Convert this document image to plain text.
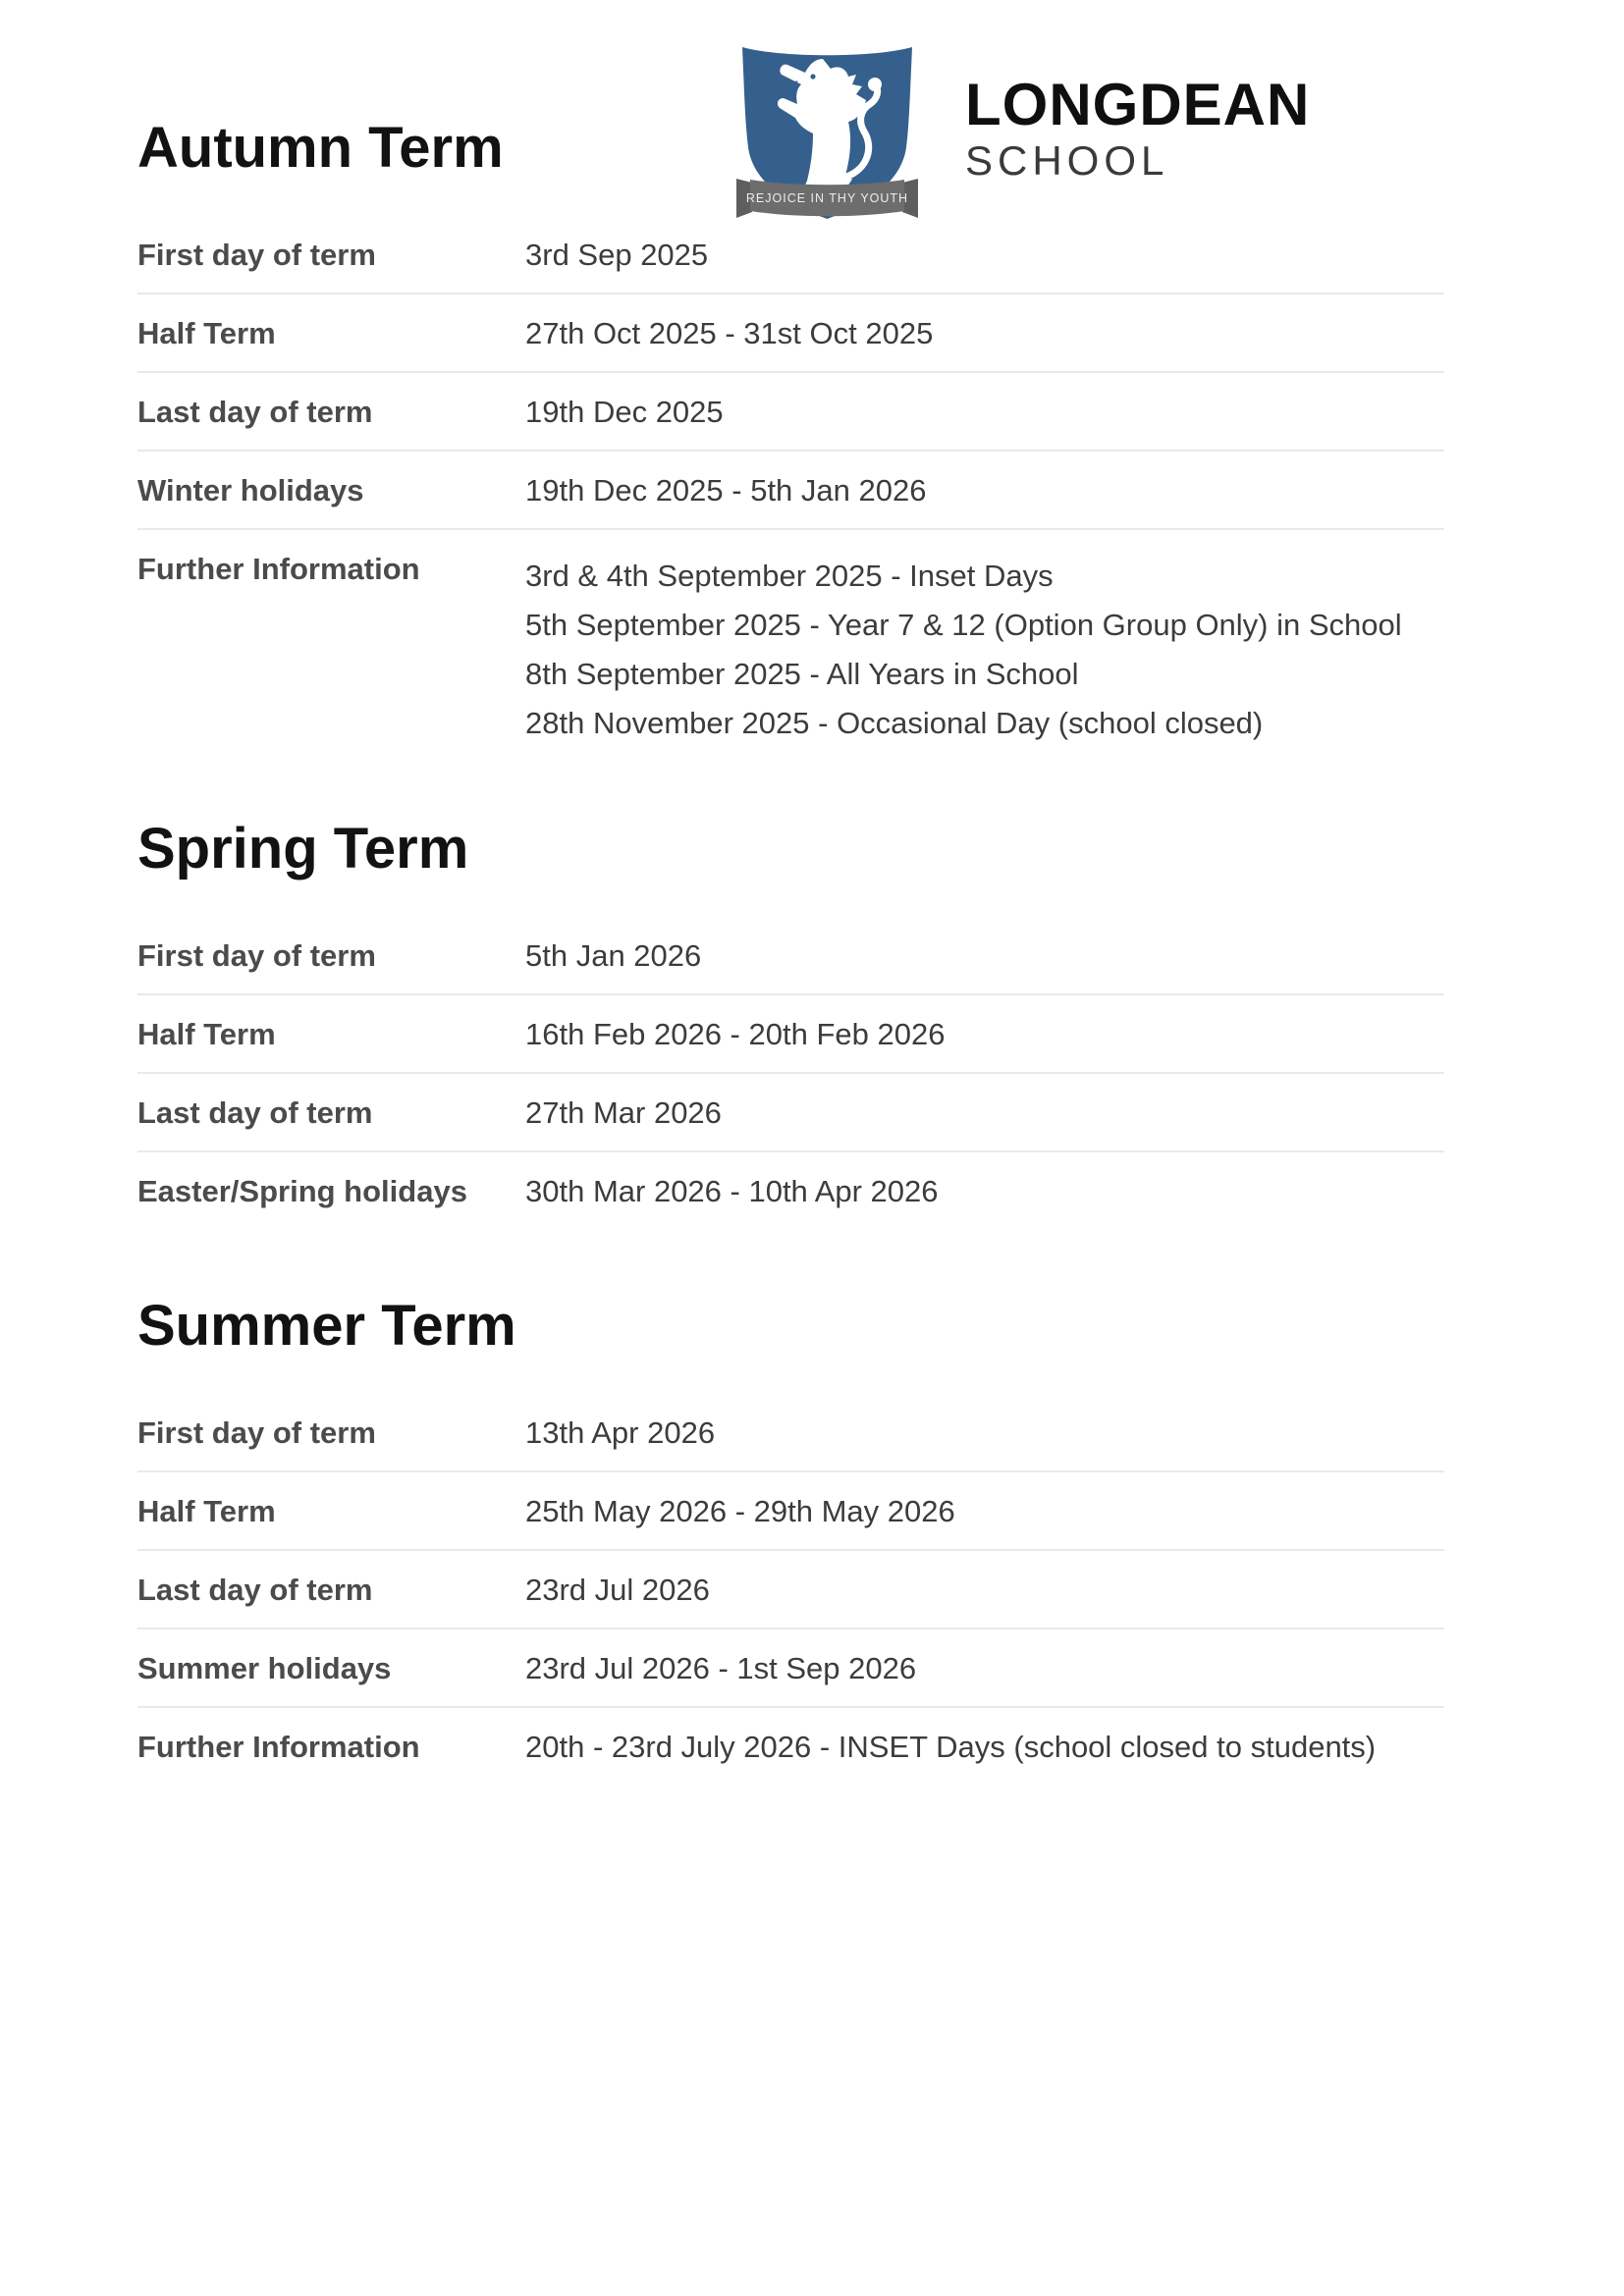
REJOICE IN THY YOUTH
LONGDEAN
SCHOOL
Autumn Term
First day of term	3rd Sep 2025
Half Term	27th Oct 2025 - 31st Oct 2025
Last day of term	19th Dec 2025
Winter holidays	19th Dec 2025 - 5th Jan 2026
Further Information	3rd & 4th September 2025 - Inset Days
5th September 2025 - Year 7 & 12 (Option Group Only) in School
8th September 2025 - All Years in School
28th November 2025 - Occasional Day (school closed)
Spring Term
First day of term	5th Jan 2026
Half Term	16th Feb 2026 - 20th Feb 2026
Last day of term	27th Mar 2026
Easter/Spring holidays	30th Mar 2026 - 10th Apr 2026
Summer Term
First day of term	13th Apr 2026
Half Term	25th May 2026 - 29th May 2026
Last day of term	23rd Jul 2026
Summer holidays	23rd Jul 2026 - 1st Sep 2026
Further Information	20th - 23rd July 2026 - INSET Days (school closed to students)
